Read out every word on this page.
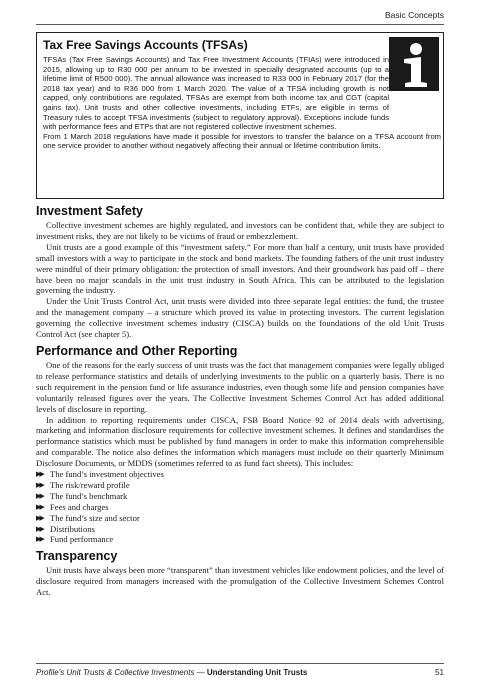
Basic Concepts
Tax Free Savings Accounts (TFSAs)

TFSAs (Tax Free Savings Accounts) and Tax Free Investment Accounts (TFIAs) were introduced in 2015, allowing up to R30 000 per annum to be invested in specially designated accounts (up to a lifetime limit of R500 000). The annual allowance was increased to R33 000 in February 2017 (for the 2018 tax year) and to R36 000 from 1 March 2020. The value of a TFSA including growth is not capped, only contributions are regulated. TFSAs are exempt from both income tax and CGT (capital gains tax). Unit trusts and other collective investments, including ETFs, are eligible in terms of Treasury rules to accept TFSA investments (subject to regulatory approval). Exceptions include funds with performance fees and ETPs that are not registered collective investment schemes.

From 1 March 2018 regulations have made it possible for investors to transfer the balance on a TFSA account from one service provider to another without negatively affecting their annual or lifetime contribution limits.

Investment Safety

Collective investment schemes are highly regulated, and investors can be confident that, while they are subject to investment risks, they are not likely to be victims of fraud or embezzlement.

Unit trusts are a good example of this “investment safety.” For more than half a century, unit trusts have provided small investors with a way to participate in the stock and bond markets. The founding fathers of the unit trust industry were mindful of their primary obligation: the protection of small investors. And their groundwork has paid off – there have been no major scandals in the unit trust industry in South Africa. This can be attributed to the legislation governing the industry.

Under the Unit Trusts Control Act, unit trusts were divided into three separate legal entities: the fund, the trustee and the management company – a structure which proved its value in protecting investors. The current legislation governing the collective investment schemes industry (CISCA) builds on the foundations of the old Unit Trusts Control Act (see chapter 5).

Performance and Other Reporting

One of the reasons for the early success of unit trusts was the fact that management companies were legally obliged to release performance statistics and details of underlying investments to the public on a quarterly basis. There is no such requirement in the pension fund or life assurance industries, even though some life and pension companies have voluntarily released figures over the years. The Collective Investment Schemes Control Act has added additional levels of disclosure in reporting.

In addition to reporting requirements under CISCA, FSB Board Notice 92 of 2014 deals with advertising, marketing and information disclosure requirements for collective investment schemes. It defines and standardises the performance statistics which must be published by fund managers in order to make this information comprehensible and comparable. The notice also defines the information which managers must include on their quarterly Minimum Disclosure Documents, or MDDS (sometimes referred to as fund fact sheets). This includes:

▶▶ The fund’s investment objectives
▶▶ The risk/reward profile
▶▶ The fund’s benchmark
▶▶ Fees and charges
▶▶ The fund’s size and sector
▶▶ Distributions
▶▶ Fund performance
Transparency

Unit trusts have always been more “transparent” than investment vehicles like endowment policies, and the level of disclosure required from managers increased with the promulgation of the Collective Investment Schemes Control Act.

Profile’s Unit Trusts & Collective Investments — Understanding Unit Trusts	51
